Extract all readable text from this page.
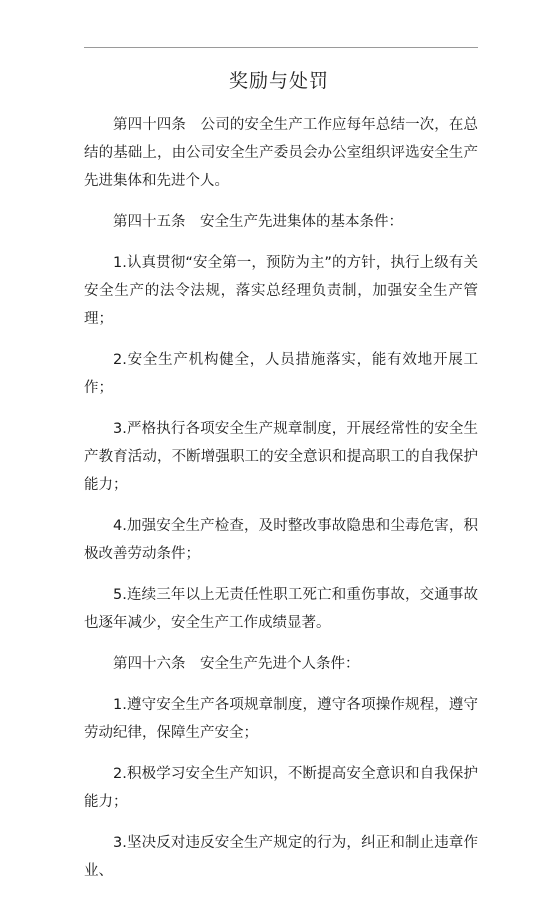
奖励与处罚

第四十四条　公司的安全生产工作应每年总结一次，在总结的基础上，由公司安全生产委员会办公室组织评选安全生产先进集体和先进个人。

第四十五条　安全生产先进集体的基本条件：

1.认真贯彻“安全第一，预防为主”的方针，执行上级有关安全生产的法令法规，落实总经理负责制，加强安全生产管理；

2.安全生产机构健全，人员措施落实，能有效地开展工作；

3.严格执行各项安全生产规章制度，开展经常性的安全生产教育活动，不断增强职工的安全意识和提高职工的自我保护能力；

4.加强安全生产检查，及时整改事故隐患和尘毒危害，积极改善劳动条件；

5.连续三年以上无责任性职工死亡和重伤事故，交通事故也逐年减少，安全生产工作成绩显著。

第四十六条　安全生产先进个人条件：

1.遵守安全生产各项规章制度，遵守各项操作规程，遵守劳动纪律，保障生产安全；

2.积极学习安全生产知识，不断提高安全意识和自我保护能力；

3.坚决反对违反安全生产规定的行为，纠正和制止违章作业、
